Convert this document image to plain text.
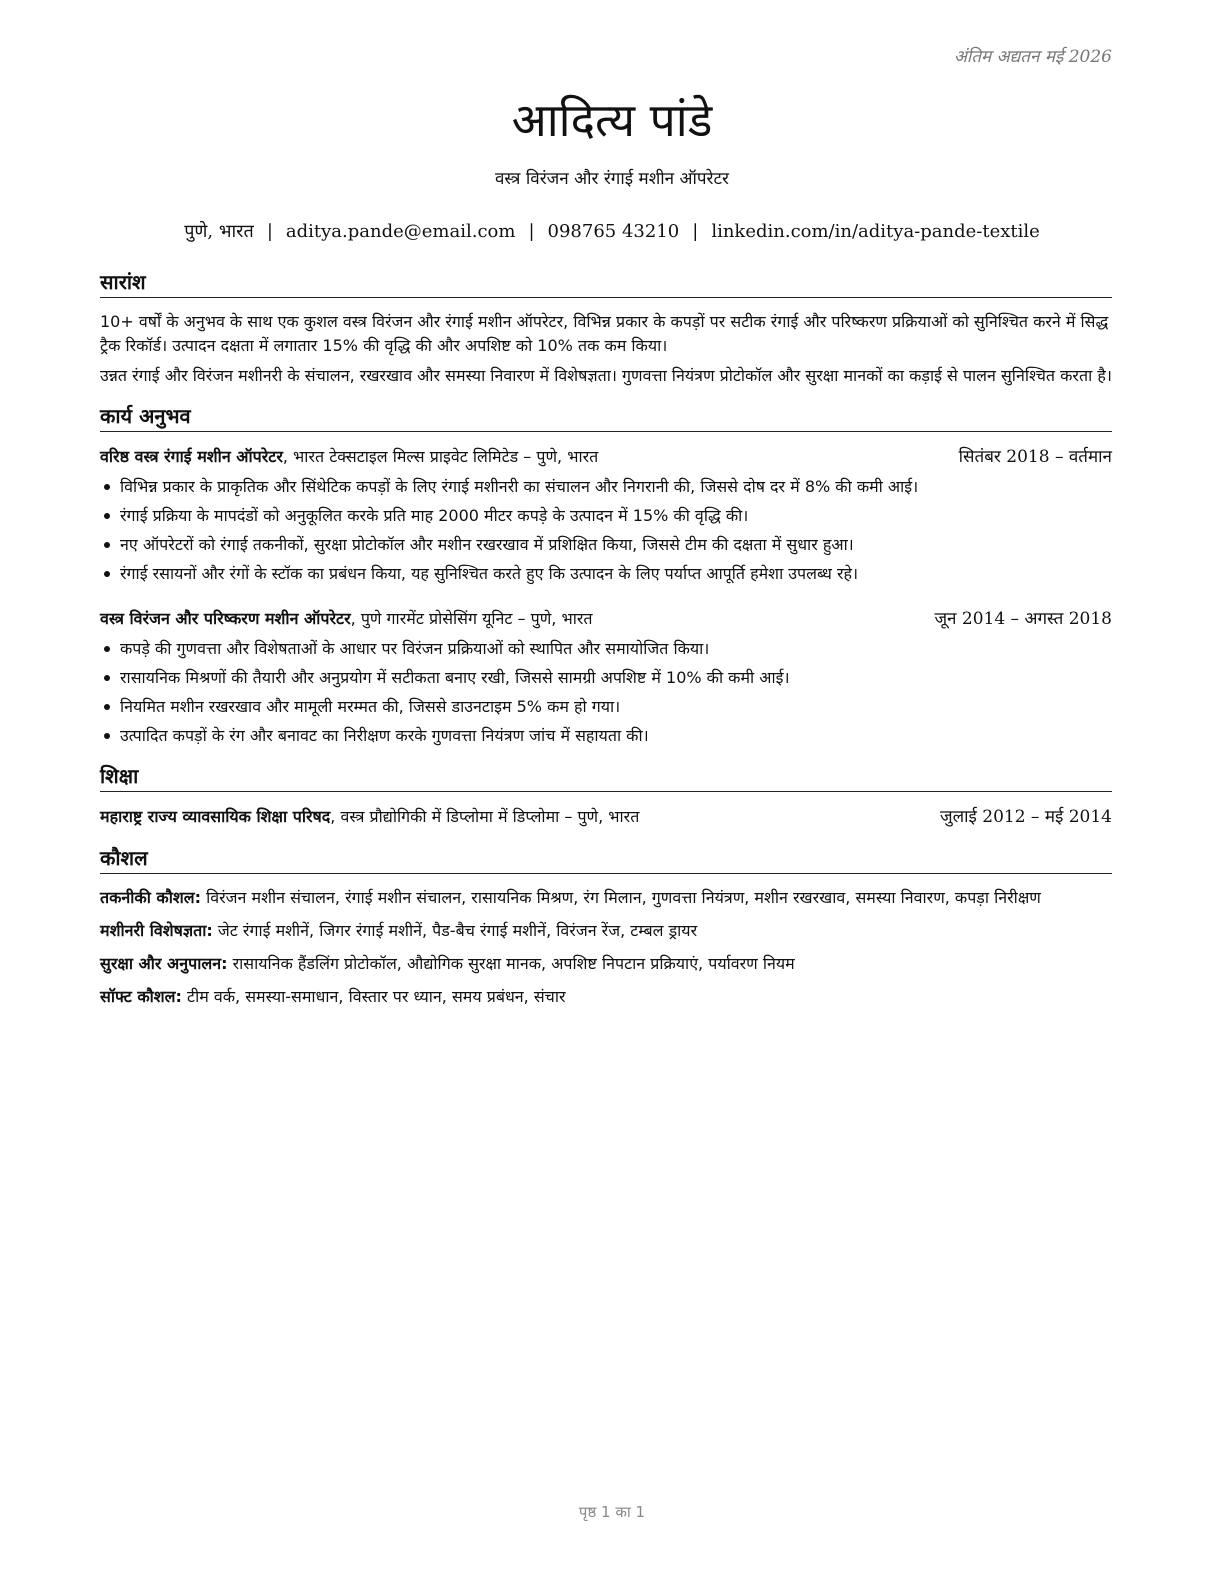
अंतिम अद्यतन मई 2026
आदित्य पांडे
वस्त्र विरंजन और रंगाई मशीन ऑपरेटर
पुणे, भारत | aditya.pande@email.com | 098765 43210 | linkedin.com/in/aditya-pande-textile
सारांश

10+ वर्षों के अनुभव के साथ एक कुशल वस्त्र विरंजन और रंगाई मशीन ऑपरेटर, विभिन्न प्रकार के कपड़ों पर सटीक रंगाई और परिष्करण प्रक्रियाओं को सुनिश्चित करने में सिद्ध ट्रैक रिकॉर्ड। उत्पादन दक्षता में लगातार 15% की वृद्धि की और अपशिष्ट को 10% तक कम किया।

उन्नत रंगाई और विरंजन मशीनरी के संचालन, रखरखाव और समस्या निवारण में विशेषज्ञता। गुणवत्ता नियंत्रण प्रोटोकॉल और सुरक्षा मानकों का कड़ाई से पालन सुनिश्चित करता है।

कार्य अनुभव
वरिष्ठ वस्त्र रंगाई मशीन ऑपरेटर, भारत टेक्सटाइल मिल्स प्राइवेट लिमिटेड – पुणे, भारत	सितंबर 2018 – वर्तमान
विभिन्न प्रकार के प्राकृतिक और सिंथेटिक कपड़ों के लिए रंगाई मशीनरी का संचालन और निगरानी की, जिससे दोष दर में 8% की कमी आई।
रंगाई प्रक्रिया के मापदंडों को अनुकूलित करके प्रति माह 2000 मीटर कपड़े के उत्पादन में 15% की वृद्धि की।
नए ऑपरेटरों को रंगाई तकनीकों, सुरक्षा प्रोटोकॉल और मशीन रखरखाव में प्रशिक्षित किया, जिससे टीम की दक्षता में सुधार हुआ।
रंगाई रसायनों और रंगों के स्टॉक का प्रबंधन किया, यह सुनिश्चित करते हुए कि उत्पादन के लिए पर्याप्त आपूर्ति हमेशा उपलब्ध रहे।
वस्त्र विरंजन और परिष्करण मशीन ऑपरेटर, पुणे गारमेंट प्रोसेसिंग यूनिट – पुणे, भारत	जून 2014 – अगस्त 2018
कपड़े की गुणवत्ता और विशेषताओं के आधार पर विरंजन प्रक्रियाओं को स्थापित और समायोजित किया।
रासायनिक मिश्रणों की तैयारी और अनुप्रयोग में सटीकता बनाए रखी, जिससे सामग्री अपशिष्ट में 10% की कमी आई।
नियमित मशीन रखरखाव और मामूली मरम्मत की, जिससे डाउनटाइम 5% कम हो गया।
उत्पादित कपड़ों के रंग और बनावट का निरीक्षण करके गुणवत्ता नियंत्रण जांच में सहायता की।
शिक्षा
महाराष्ट्र राज्य व्यावसायिक शिक्षा परिषद, वस्त्र प्रौद्योगिकी में डिप्लोमा में डिप्लोमा – पुणे, भारत	जुलाई 2012 – मई 2014
कौशल
तकनीकी कौशल: विरंजन मशीन संचालन, रंगाई मशीन संचालन, रासायनिक मिश्रण, रंग मिलान, गुणवत्ता नियंत्रण, मशीन रखरखाव, समस्या निवारण, कपड़ा निरीक्षण
मशीनरी विशेषज्ञता: जेट रंगाई मशीनें, जिगर रंगाई मशीनें, पैड-बैच रंगाई मशीनें, विरंजन रेंज, टम्बल ड्रायर
सुरक्षा और अनुपालन: रासायनिक हैंडलिंग प्रोटोकॉल, औद्योगिक सुरक्षा मानक, अपशिष्ट निपटान प्रक्रियाएं, पर्यावरण नियम
सॉफ्ट कौशल: टीम वर्क, समस्या-समाधान, विस्तार पर ध्यान, समय प्रबंधन, संचार
पृष्ठ 1 का 1
